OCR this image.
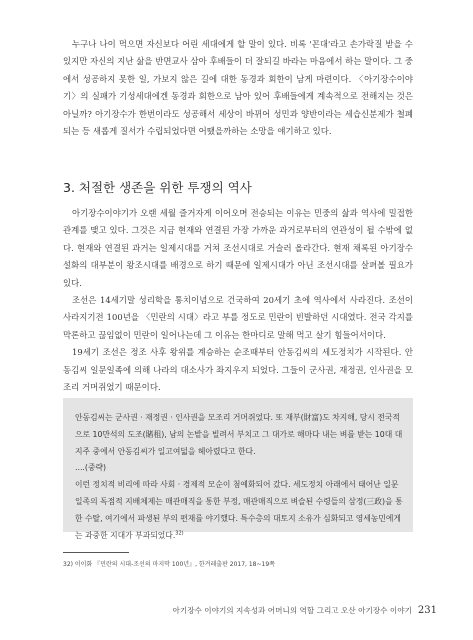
누구나 나이 먹으면 자신보다 어린 세대에게 할 말이 있다. 비록 '꼰대'라고 손가락질 받을 수 있지만 자신의 지난 삶을 반면교사 삼아 후배들이 더 잘되길 바라는 마음에서 하는 말이다. 그 중에서 성공하지 못한 일, 가보지 않은 길에 대한 동경과 회한이 남게 마련이다. 〈아기장수이야기〉의 실패가 기성세대에겐 동경과 회한으로 남아 있어 후배들에게 계속적으로 전해지는 것은 아닐까? 아기장수가 한번이라도 성공해서 세상이 바뀌어 성민과 양반이라는 세습신분제가 철폐되는 등 새롭게 질서가 수립되었다면 어땠을까하는 소망을 얘기하고 있다.

3. 처절한 생존을 위한 투쟁의 역사

아기장수이야기가 오랜 세월 즐거자게 이어오며 전승되는 이유는 민중의 삶과 역사에 밀접한 관계를 맺고 있다. 그것은 지금 현재와 연결된 가장 가까운 과거로부터의 연관성이 될 수밖에 없다. 현재와 연결된 과거는 일제시대를 거쳐 조선시대로 거슬러 올라간다. 현재 채록된 아기장수설화의 대부분이 왕조시대를 배경으로 하기 때문에 일제시대가 아닌 조선시대를 살펴볼 필요가 있다.

조선은 14세기말 성리학을 통치이념으로 건국하여 20세기 초에 역사에서 사라진다. 조선이 사라지기전 100년을 〈민란의 시대〉라고 부를 정도로 민란이 빈발하던 시대였다. 전국 각지를 막론하고 끊임없이 민란이 일어나는데 그 이유는 한마디로 말해 먹고 살기 힘들어서이다.

19세기 조선은 정조 사후 왕위를 계승하는 순조때부터 안동김씨의 세도정치가 시작된다. 안동김씨 일문일족에 의해 나라의 대소사가 좌지우지 되었다. 그들이 군사권, 재정권, 인사권을 모조리 거머쥐었기 때문이다.

안동김씨는 군사권 · 재정권 · 인사권을 모조리 거머쥐었다. 또 재부(財富)도 차지해, 당시 전국적으로 10만석의 도조(賭租), 남의 논밭을 빌려서 부치고 그 대가로 해마다 내는 벼를 받는 10대 대지주 중에서 안동김씨가 일고여덟을 헤아렸다고 한다.

....(중략)

이런 정치적 비리에 따라 사회 · 경제적 모순이 첨예화되어 갔다. 세도정치 아래에서 태어난 일문일족의 독점적 지배체제는 매관매직을 통한 부정, 매관매직으로 벼슬된 수령들의 삼정(三政)을 통한 수탈, 여기에서 파생된 부의 편재를 야기했다. 특수층의 대토지 소유가 심화되고 영세농민에게는 과중한 지대가 부과되었다.$^{32)}$

32) 이이화 『민란의 시대-조선의 마지막 100년』, 한겨레출판 2017, 18~19쪽

아기장수 이야기의 지속성과 어머니의 역할 그리고 오산 아기장수 이야기 231
